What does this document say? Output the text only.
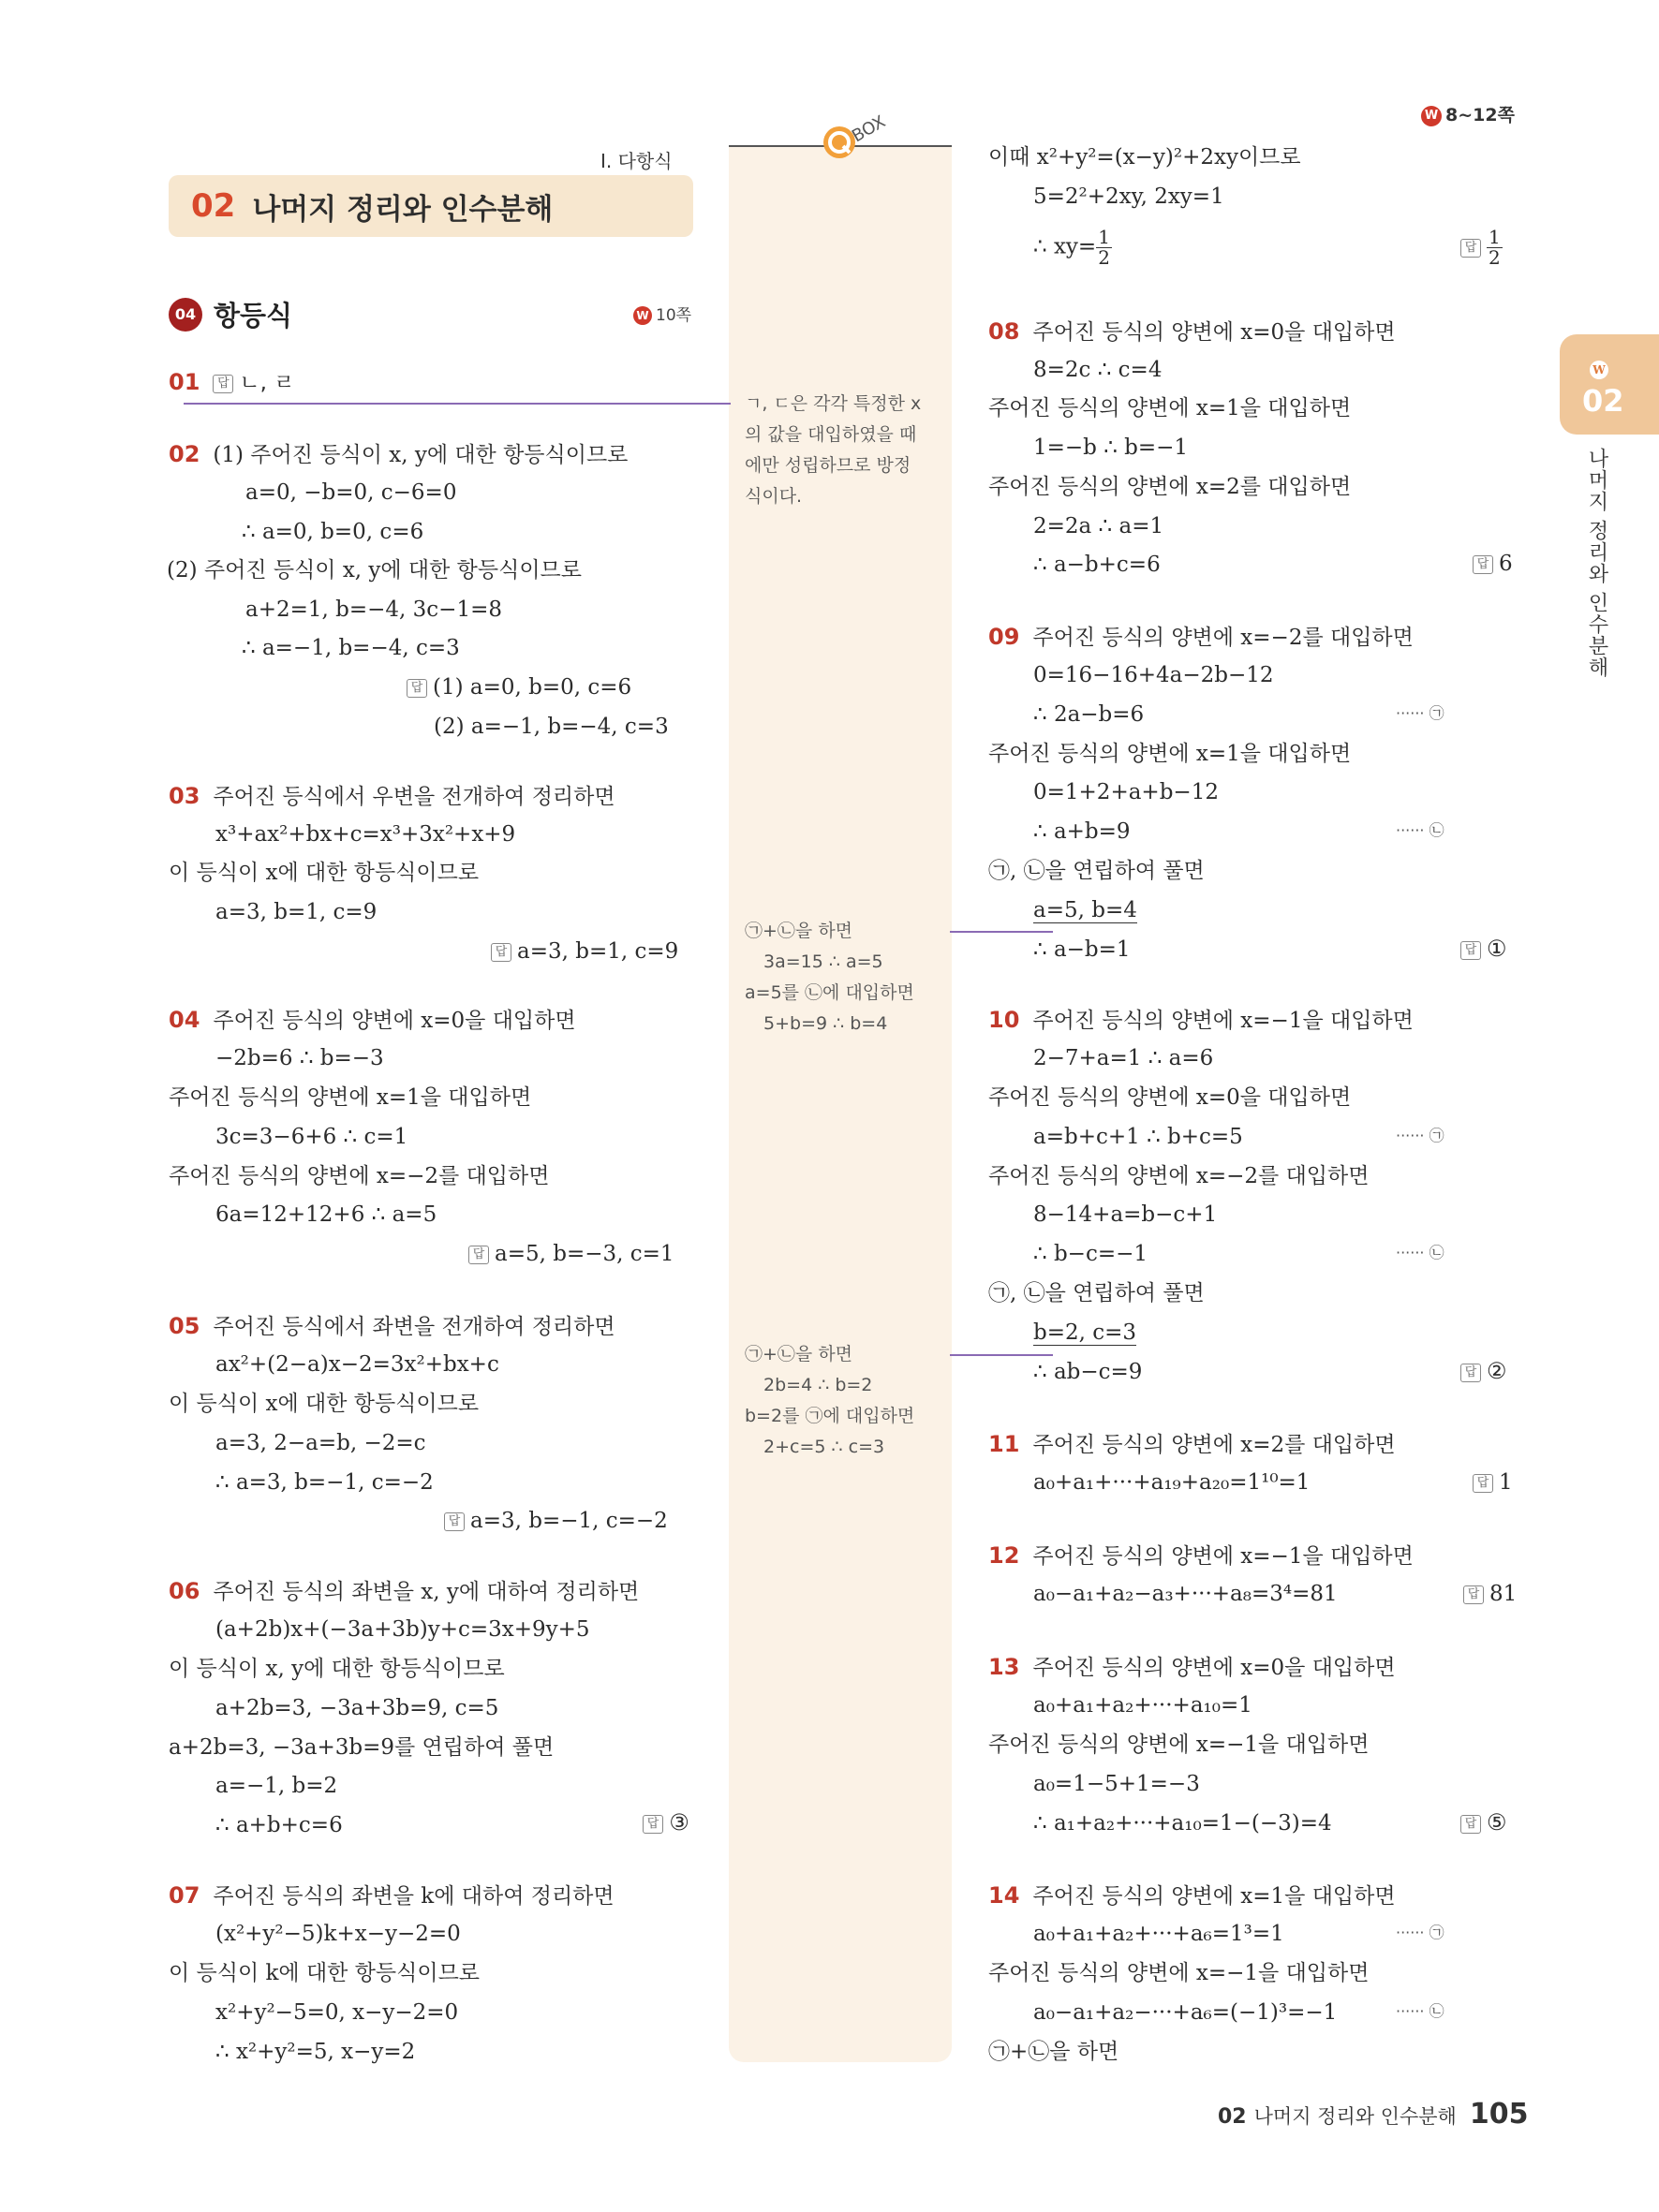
W 8~12쪽
Ⅰ. 다항식
02 나머지 정리와 인수분해
04 항등식	W 10쪽
BOX
ㄱ, ㄷ은 각각 특정한 x
의 값을 대입하였을 때
에만 성립하므로 방정
식이다.
㉠+㉡을 하면
3a=15 ∴ a=5
a=5를 ㉡에 대입하면
5+b=9 ∴ b=4
㉠+㉡을 하면
2b=4 ∴ b=2
b=2를 ㉠에 대입하면
2+c=5 ∴ c=3
W
02
나머지 정리와 인수분해
01 답 ㄴ, ㄹ
02 (1) 주어진 등식이 x, y에 대한 항등식이므로
a=0, −b=0, c−6=0
∴ a=0, b=0, c=6
(2) 주어진 등식이 x, y에 대한 항등식이므로
a+2=1, b=−4, 3c−1=8
∴ a=−1, b=−4, c=3
답 (1) a=0, b=0, c=6
(2) a=−1, b=−4, c=3
03 주어진 등식에서 우변을 전개하여 정리하면
x³+ax²+bx+c=x³+3x²+x+9
이 등식이 x에 대한 항등식이므로
a=3, b=1, c=9
답 a=3, b=1, c=9
04 주어진 등식의 양변에 x=0을 대입하면
−2b=6 ∴ b=−3
주어진 등식의 양변에 x=1을 대입하면
3c=3−6+6 ∴ c=1
주어진 등식의 양변에 x=−2를 대입하면
6a=12+12+6 ∴ a=5
답 a=5, b=−3, c=1
05 주어진 등식에서 좌변을 전개하여 정리하면
ax²+(2−a)x−2=3x²+bx+c
이 등식이 x에 대한 항등식이므로
a=3, 2−a=b, −2=c
∴ a=3, b=−1, c=−2
답 a=3, b=−1, c=−2
06 주어진 등식의 좌변을 x, y에 대하여 정리하면
(a+2b)x+(−3a+3b)y+c=3x+9y+5
이 등식이 x, y에 대한 항등식이므로
a+2b=3, −3a+3b=9, c=5
a+2b=3, −3a+3b=9를 연립하여 풀면
a=−1, b=2
∴ a+b+c=6	답 ③
07 주어진 등식의 좌변을 k에 대하여 정리하면
(x²+y²−5)k+x−y−2=0
이 등식이 k에 대한 항등식이므로
x²+y²−5=0, x−y−2=0
∴ x²+y²=5, x−y=2
이때 x²+y²=(x−y)²+2xy이므로
5=2²+2xy, 2xy=1
∴ $xy= \frac{1}{2}$	답 $\frac{1}{2}$
08 주어진 등식의 양변에 x=0을 대입하면
8=2c ∴ c=4
주어진 등식의 양변에 x=1을 대입하면
1=−b ∴ b=−1
주어진 등식의 양변에 x=2를 대입하면
2=2a ∴ a=1
∴ a−b+c=6	답 6
09 주어진 등식의 양변에 x=−2를 대입하면
0=16−16+4a−2b−12
∴ 2a−b=6	······ ㉠
주어진 등식의 양변에 x=1을 대입하면
0=1+2+a+b−12
∴ a+b=9	······ ㉡
㉠, ㉡을 연립하여 풀면
a=5, b=4
∴ a−b=1	답 ①
10 주어진 등식의 양변에 x=−1을 대입하면
2−7+a=1 ∴ a=6
주어진 등식의 양변에 x=0을 대입하면
a=b+c+1 ∴ b+c=5	······ ㉠
주어진 등식의 양변에 x=−2를 대입하면
8−14+a=b−c+1
∴ b−c=−1	······ ㉡
㉠, ㉡을 연립하여 풀면
b=2, c=3
∴ ab−c=9	답 ②
11 주어진 등식의 양변에 x=2를 대입하면
a₀+a₁+···+a₁₉+a₂₀=1¹⁰=1	답 1
12 주어진 등식의 양변에 x=−1을 대입하면
a₀−a₁+a₂−a₃+···+a₈=3⁴=81	답 81
13 주어진 등식의 양변에 x=0을 대입하면
a₀+a₁+a₂+···+a₁₀=1
주어진 등식의 양변에 x=−1을 대입하면
a₀=1−5+1=−3
∴ a₁+a₂+···+a₁₀=1−(−3)=4	답 ⑤
14 주어진 등식의 양변에 x=1을 대입하면
a₀+a₁+a₂+···+a₆=1³=1	······ ㉠
주어진 등식의 양변에 x=−1을 대입하면
a₀−a₁+a₂−···+a₆=(−1)³=−1	······ ㉡
㉠+㉡을 하면
02 나머지 정리와 인수분해 105
